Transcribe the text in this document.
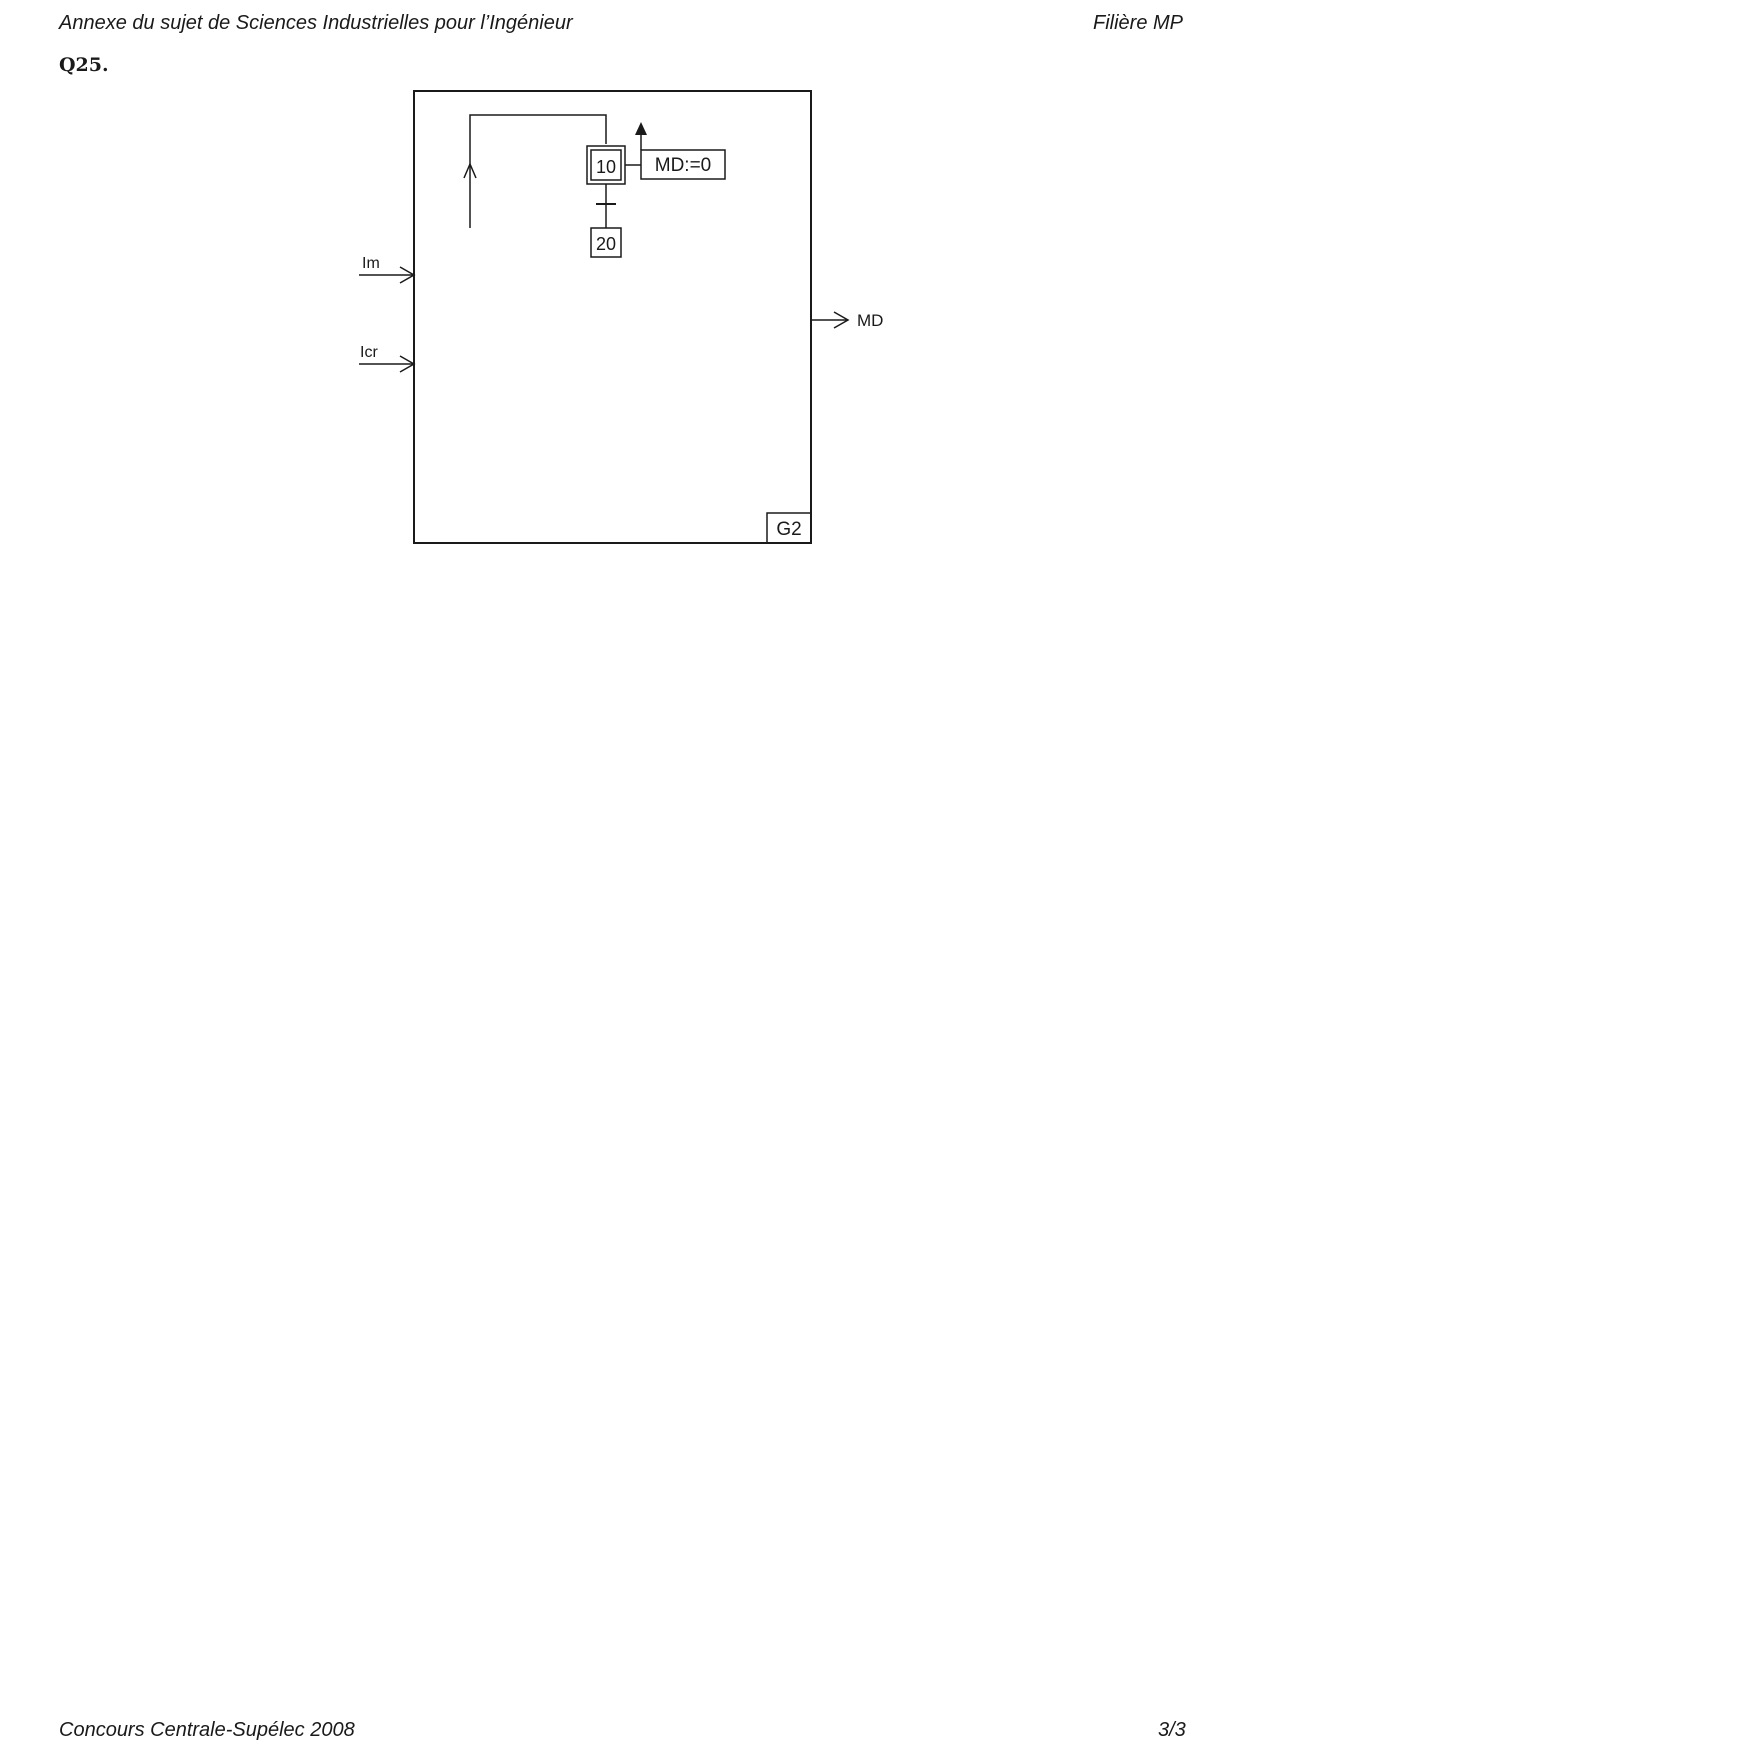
Annexe du sujet de Sciences Industrielles pour l’Ingénieur	Filière MP
Q25.
G2
10 MD:=0
20
Im
Icr
MD
Concours Centrale-Supélec 2008	3/3
